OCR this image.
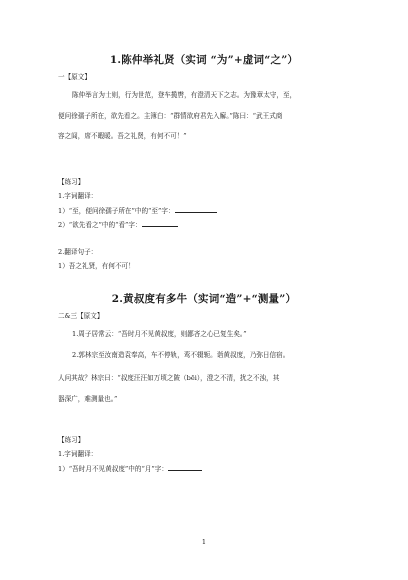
1.陈仲举礼贤（实词 “为”+虚词“之”）
一【原文】
陈仲举言为士则，行为世范，登车揽辔，有澄清天下之志。为豫章太守，至，
便问徐孺子所在，欲先看之。主簿白：“群情欲府君先入廨。”陈曰：“武王式商
容之闾，席不暇暖。吾之礼贤，有何不可！”
【练习】
1.字词翻译：
1）“至，便问徐孺子所在”中的“至”字：
2）“欲先看之”中的“看”字：
2.翻译句子：
1）吾之礼贤，有何不可！
2.黄叔度有多牛（实词“造”+“测量”）
二&三【原文】
1.周子居常云：“吾时月不见黄叔度，则鄙吝之心已复生矣。”
2.郭林宗至汝南造袁奉高，车不停轨，鸾不辍轭。诣黄叔度，乃弥日信宿。
人问其故？林宗曰：“叔度汪汪如万顷之陂（bēi），澄之不清，扰之不浊，其
器深广，难测量也。”
【练习】
1.字词翻译：
1）“吾时月不见黄叔度”中的“月”字：
1
